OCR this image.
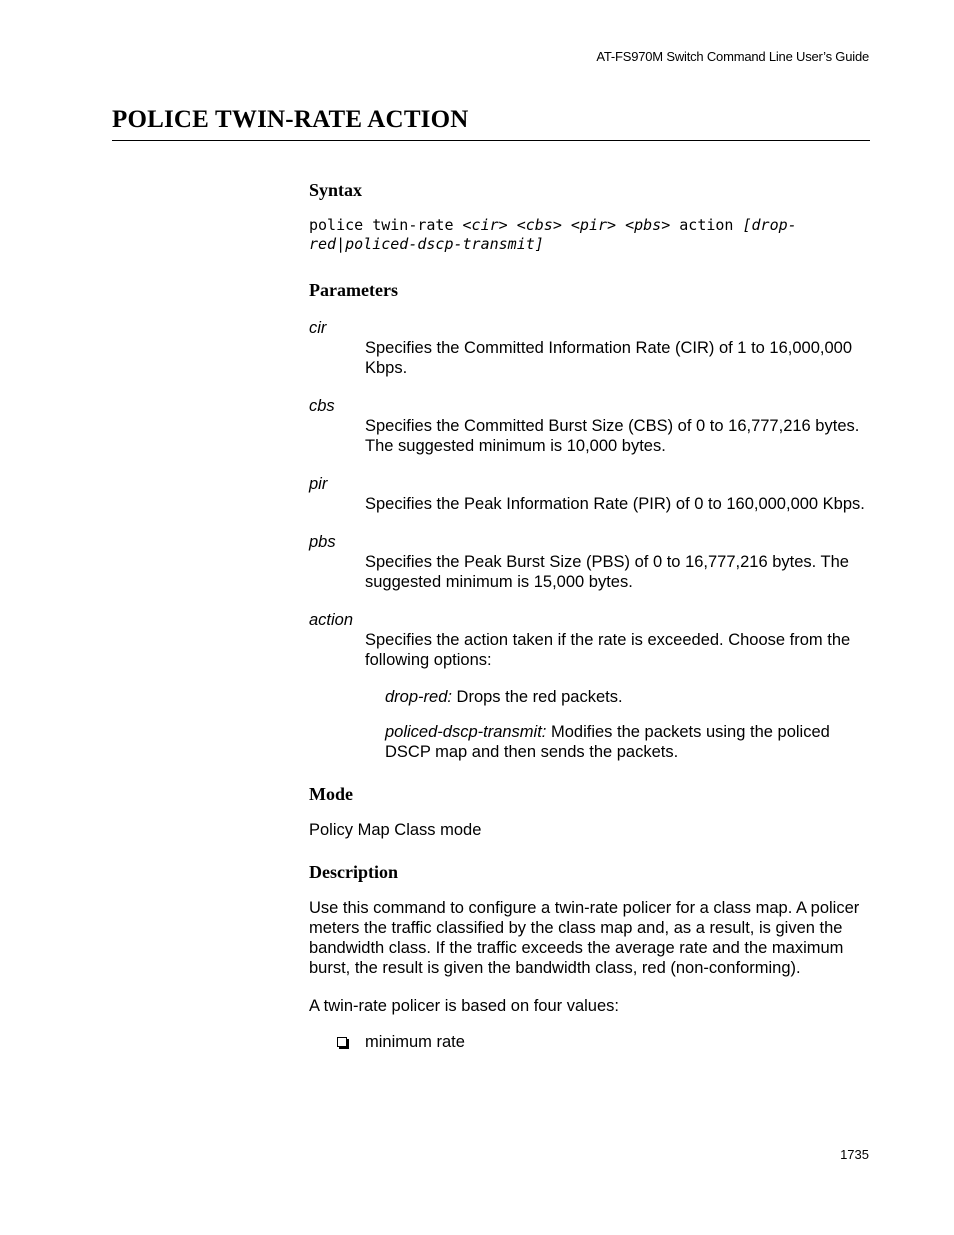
AT-FS970M Switch Command Line User’s Guide
POLICE TWIN-RATE ACTION
Syntax
police twin-rate <cir> <cbs> <pir> <pbs> action [drop-
red|policed-dscp-transmit]
Parameters
cir

Specifies the Committed Information Rate (CIR) of 1 to 16,000,000 Kbps.

cbs

Specifies the Committed Burst Size (CBS) of 0 to 16,777,216 bytes. The suggested minimum is 10,000 bytes.

pir

Specifies the Peak Information Rate (PIR) of 0 to 160,000,000 Kbps.

pbs

Specifies the Peak Burst Size (PBS) of 0 to 16,777,216 bytes. The suggested minimum is 15,000 bytes.

action

Specifies the action taken if the rate is exceeded. Choose from the following options:

drop-red: Drops the red packets.

policed-dscp-transmit: Modifies the packets using the policed DSCP map and then sends the packets.

Mode

Policy Map Class mode

Description

Use this command to configure a twin-rate policer for a class map. A policer meters the traffic classified by the class map and, as a result, is given the bandwidth class. If the traffic exceeds the average rate and the maximum burst, the result is given the bandwidth class, red (non-conforming).

A twin-rate policer is based on four values:

minimum rate

1735
